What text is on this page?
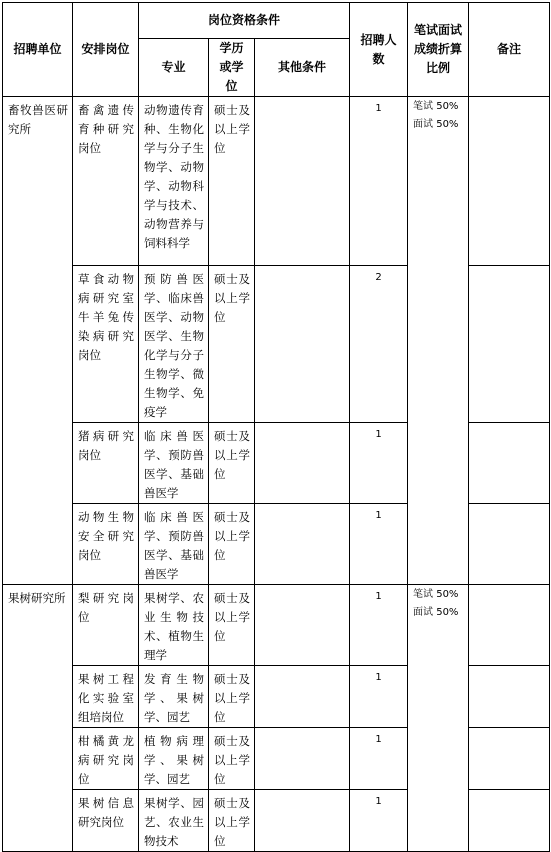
招聘单位	安排岗位	岗位资格条件			招聘人数	笔试面试成绩折算比例	备注
		专业	学历或学位	其他条件			

畜牧兽医研究所	畜禽遗传育种研究岗位	动物遗传育种、生物化学与分子生物学、动物学、动物科学与技术、动物营养与饲料科学	硕士及以上学位		1	笔试 50%
面试 50%	

	草食动物病研究室牛羊兔传染病研究岗位	预防兽医学、临床兽医学、动物医学、生物化学与分子生物学、微生物学、免疫学	硕士及以上学位		2		

	猪病研究岗位	临床兽医学、预防兽医学、基础兽医学	硕士及以上学位		1		

	动物生物安全研究岗位	临床兽医学、预防兽医学、基础兽医学	硕士及以上学位		1		

果树研究所	梨研究岗位	果树学、农业生物技术、植物生理学	硕士及以上学位		1	笔试 50%
面试 50%	

	果树工程化实验室组培岗位	发育生物学、果树学、园艺	硕士及以上学位		1		

	柑橘黄龙病研究岗位	植物病理学、果树学、园艺	硕士及以上学位		1		

	果树信息研究岗位	果树学、园艺、农业生物技术	硕士及以上学位		1		
